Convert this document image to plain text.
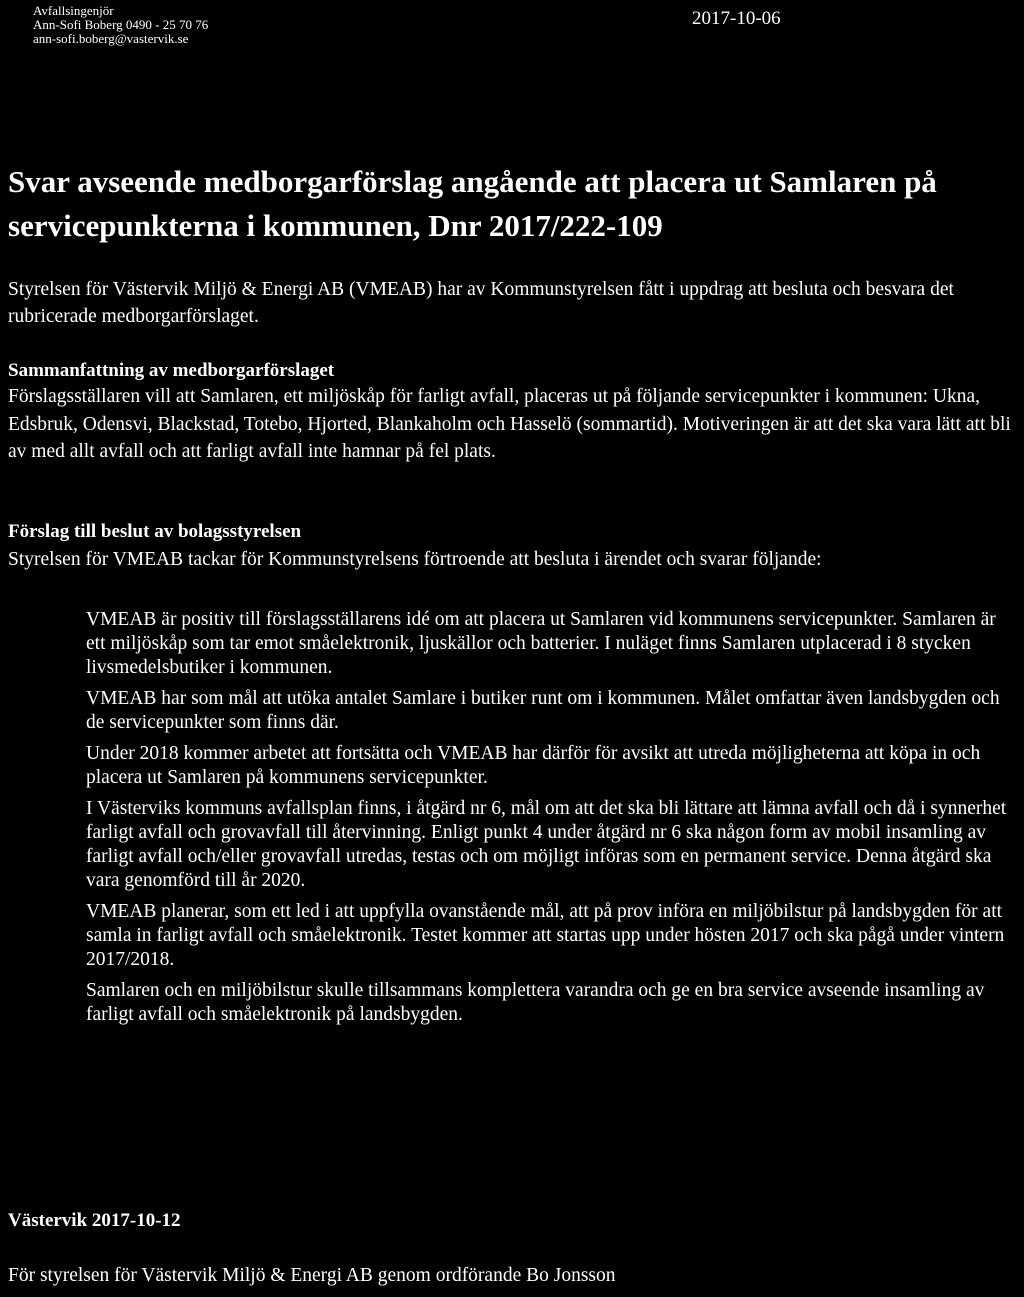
Avfallsingenjör
Ann-Sofi Boberg 0490 - 25 70 76
ann-sofi.boberg@vastervik.se
2017-10-06
Svar avseende medborgarförslag angående att placera ut Samlaren på servicepunkterna i kommunen, Dnr 2017/222-109

Styrelsen för Västervik Miljö & Energi AB (VMEAB) har av Kommunstyrelsen fått i uppdrag att besluta och besvara det rubricerade medborgarförslaget.

Sammanfattning av medborgarförslaget

Förslagsställaren vill att Samlaren, ett miljöskåp för farligt avfall, placeras ut på följande servicepunkter i kommunen: Ukna, Edsbruk, Odensvi, Blackstad, Totebo, Hjorted, Blankaholm och Hasselö (sommartid). Motiveringen är att det ska vara lätt att bli av med allt avfall och att farligt avfall inte hamnar på fel plats.

Förslag till beslut av bolagsstyrelsen

Styrelsen för VMEAB tackar för Kommunstyrelsens förtroende att besluta i ärendet och svarar följande:

VMEAB är positiv till förslagsställarens idé om att placera ut Samlaren vid kommunens servicepunkter. Samlaren är ett miljöskåp som tar emot småelektronik, ljuskällor och batterier. I nuläget finns Samlaren utplacerad i 8 stycken livsmedelsbutiker i kommunen.

VMEAB har som mål att utöka antalet Samlare i butiker runt om i kommunen. Målet omfattar även landsbygden och de servicepunkter som finns där.

Under 2018 kommer arbetet att fortsätta och VMEAB har därför för avsikt att utreda möjligheterna att köpa in och placera ut Samlaren på kommunens servicepunkter.

I Västerviks kommuns avfallsplan finns, i åtgärd nr 6, mål om att det ska bli lättare att lämna avfall och då i synnerhet farligt avfall och grovavfall till återvinning. Enligt punkt 4 under åtgärd nr 6 ska någon form av mobil insamling av farligt avfall och/eller grovavfall utredas, testas och om möjligt införas som en permanent service. Denna åtgärd ska vara genomförd till år 2020.

VMEAB planerar, som ett led i att uppfylla ovanstående mål, att på prov införa en miljöbilstur på landsbygden för att samla in farligt avfall och småelektronik. Testet kommer att startas upp under hösten 2017 och ska pågå under vintern 2017/2018.

Samlaren och en miljöbilstur skulle tillsammans komplettera varandra och ge en bra service avseende insamling av farligt avfall och småelektronik på landsbygden.

Västervik 2017-10-12
För styrelsen för Västervik Miljö & Energi AB genom ordförande Bo Jonsson
